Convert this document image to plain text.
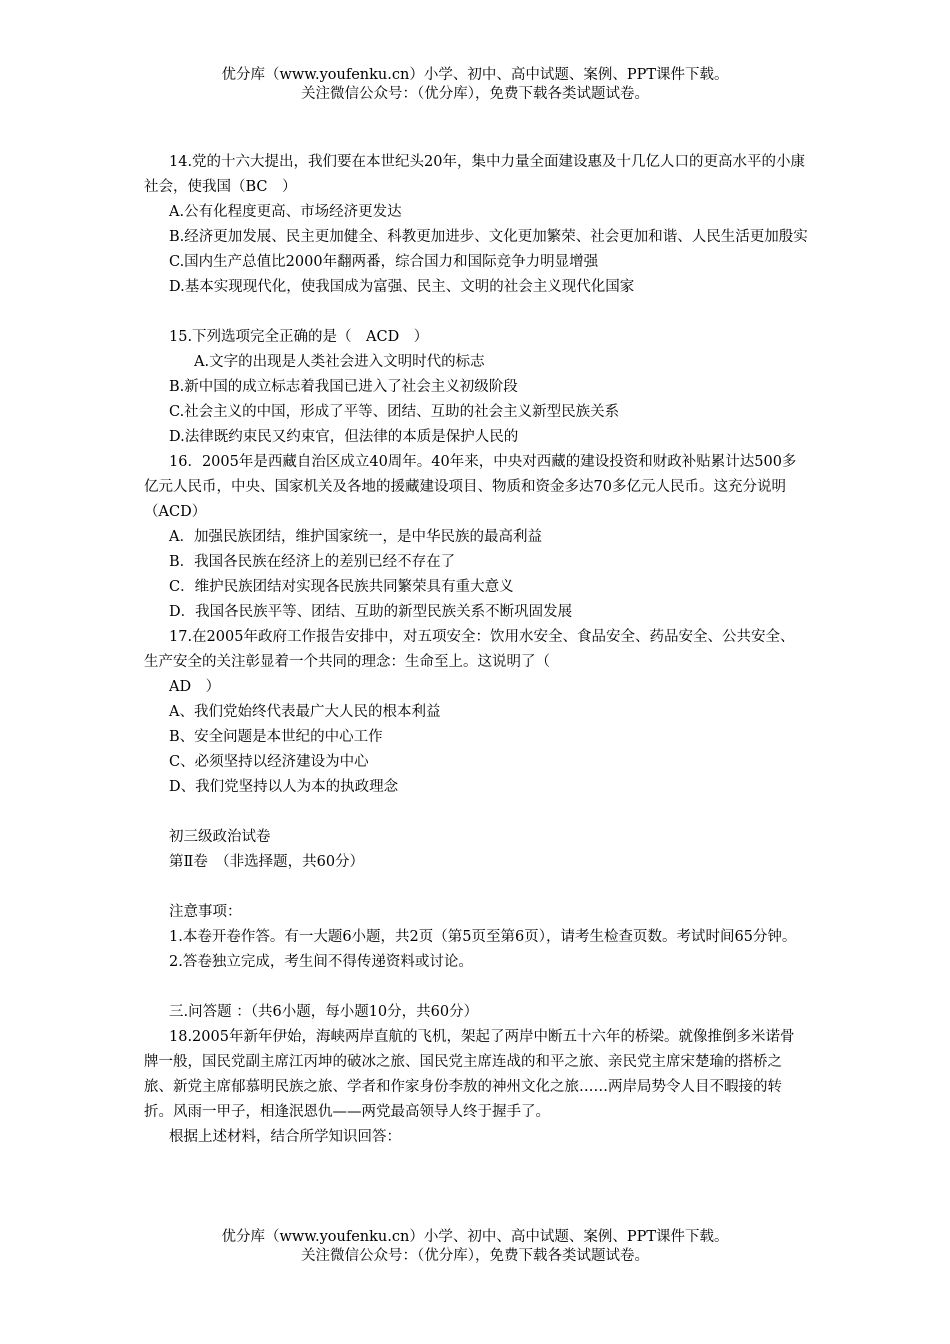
优分库（www.youfenku.cn）小学、初中、高中试题、案例、PPT课件下载。
关注微信公众号：（优分库），免费下载各类试题试卷。

14.党的十六大提出，我们要在本世纪头20年，集中力量全面建设惠及十几亿人口的更高水平的小康社会，使我国（BC　）

A.公有化程度更高、市场经济更发达

B.经济更加发展、民主更加健全、科教更加进步、文化更加繁荣、社会更加和谐、人民生活更加殷实

C.国内生产总值比2000年翻两番，综合国力和国际竞争力明显增强

D.基本实现现代化，使我国成为富强、民主、文明的社会主义现代化国家

15.下列选项完全正确的是（　ACD　）

A.文字的出现是人类社会进入文明时代的标志

B.新中国的成立标志着我国已进入了社会主义初级阶段

C.社会主义的中国，形成了平等、团结、互助的社会主义新型民族关系

D.法律既约束民又约束官，但法律的本质是保护人民的

16．2005年是西藏自治区成立40周年。40年来，中央对西藏的建设投资和财政补贴累计达500多亿元人民币，中央、国家机关及各地的援藏建设项目、物质和资金多达70多亿元人民币。这充分说明（ACD）

A．加强民族团结，维护国家统一，是中华民族的最高利益

B．我国各民族在经济上的差别已经不存在了

C．维护民族团结对实现各民族共同繁荣具有重大意义

D．我国各民族平等、团结、互助的新型民族关系不断巩固发展

17.在2005年政府工作报告安排中，对五项安全：饮用水安全、食品安全、药品安全、公共安全、生产安全的关注彰显着一个共同的理念：生命至上。这说明了（

AD　）

A、我们党始终代表最广大人民的根本利益

B、安全问题是本世纪的中心工作

C、必须坚持以经济建设为中心

D、我们党坚持以人为本的执政理念

初三级政治试卷

第Ⅱ卷　（非选择题，共60分）

注意事项：

1.本卷开卷作答。有一大题6小题，共2页（第5页至第6页），请考生检查页数。考试时间65分钟。

2.答卷独立完成，考生间不得传递资料或讨论。

三.问答题 ：（共6小题，每小题10分，共60分）

18.2005年新年伊始，海峡两岸直航的飞机，架起了两岸中断五十六年的桥梁。就像推倒多米诺骨牌一般，国民党副主席江丙坤的破冰之旅、国民党主席连战的和平之旅、亲民党主席宋楚瑜的搭桥之旅、新党主席郁慕明民族之旅、学者和作家身份李敖的神州文化之旅……两岸局势令人目不暇接的转折。风雨一甲子，相逢泯恩仇——两党最高领导人终于握手了。

根据上述材料，结合所学知识回答：

优分库（www.youfenku.cn）小学、初中、高中试题、案例、PPT课件下载。
关注微信公众号：（优分库），免费下载各类试题试卷。
